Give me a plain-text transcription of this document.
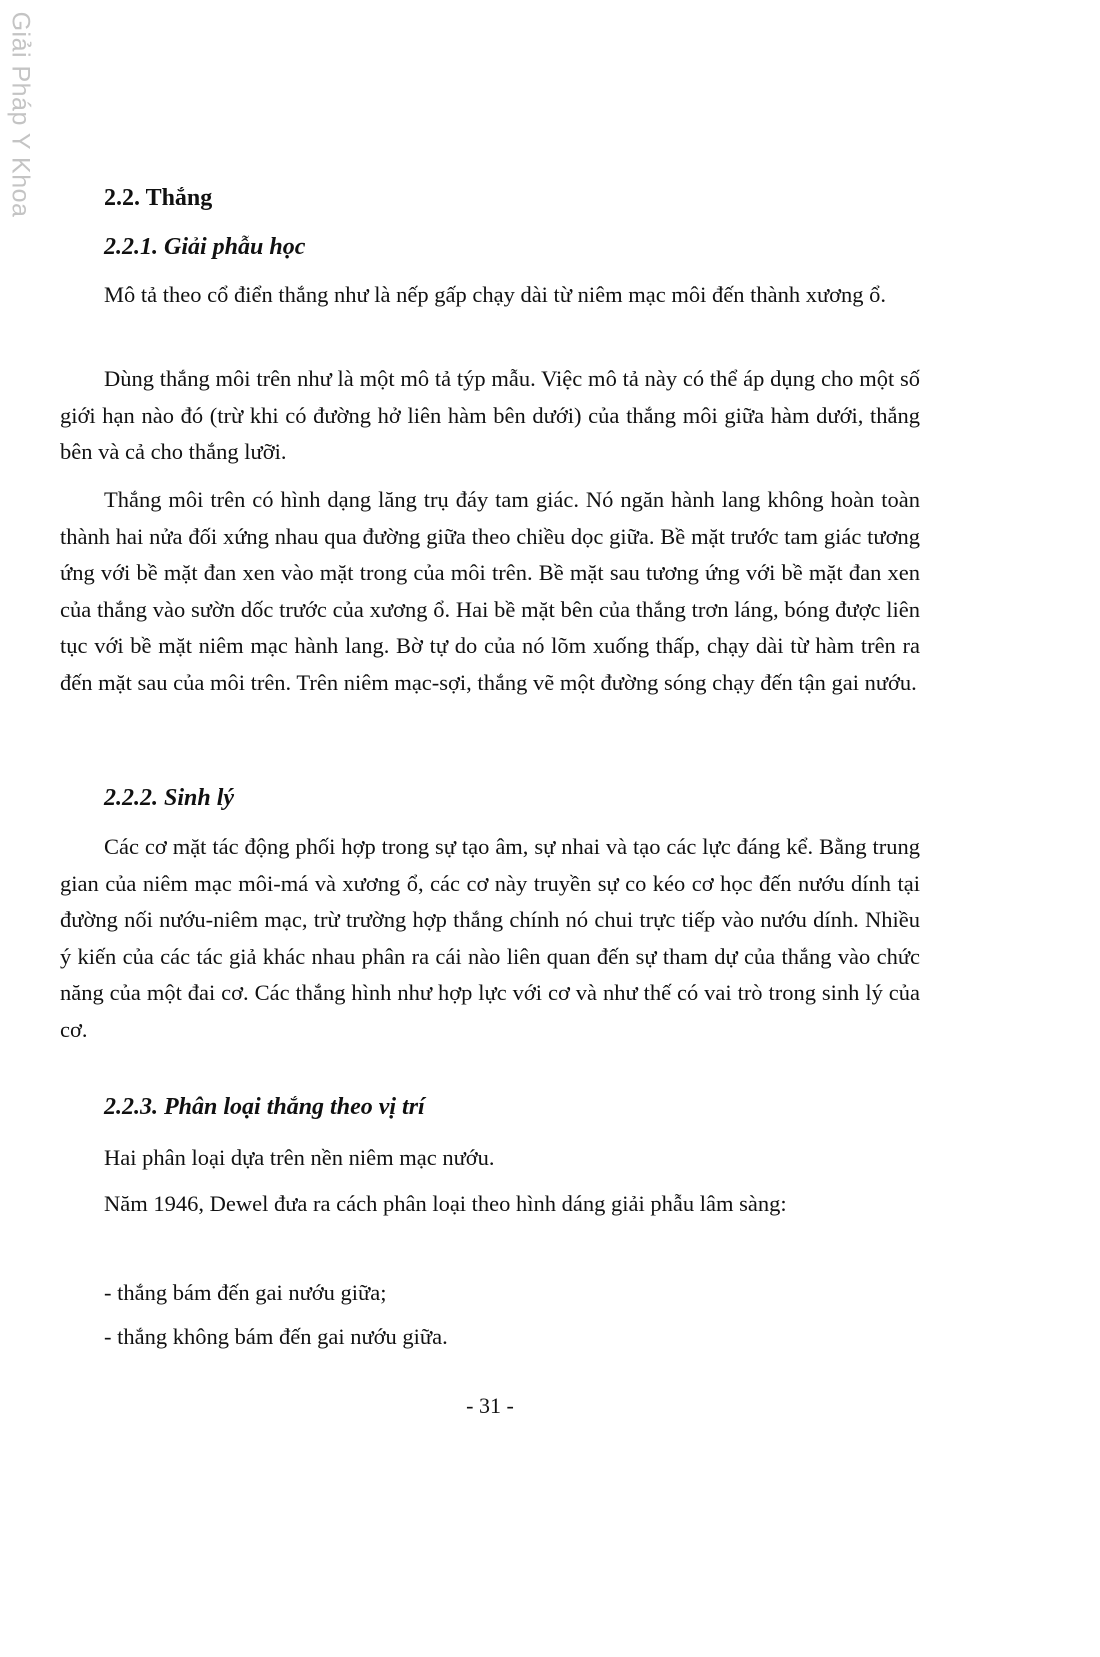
Giải Pháp Y Khoa	2.2. Thắng
2.2.1. Giải phẫu học

Mô tả theo cổ điển thắng như là nếp gấp chạy dài từ niêm mạc môi đến thành xương ổ.

Dùng thắng môi trên như là một mô tả týp mẫu. Việc mô tả này có thể áp dụng cho một số giới hạn nào đó (trừ khi có đường hở liên hàm bên dưới) của thắng môi giữa hàm dưới, thắng bên và cả cho thắng lưỡi.

Thắng môi trên có hình dạng lăng trụ đáy tam giác. Nó ngăn hành lang không hoàn toàn thành hai nửa đối xứng nhau qua đường giữa theo chiều dọc giữa. Bề mặt trước tam giác tương ứng với bề mặt đan xen vào mặt trong của môi trên. Bề mặt sau tương ứng với bề mặt đan xen của thắng vào sườn dốc trước của xương ổ. Hai bề mặt bên của thắng trơn láng, bóng được liên tục với bề mặt niêm mạc hành lang. Bờ tự do của nó lõm xuống thấp, chạy dài từ hàm trên ra đến mặt sau của môi trên. Trên niêm mạc-sợi, thắng vẽ một đường sóng chạy đến tận gai nướu.

2.2.2. Sinh lý

Các cơ mặt tác động phối hợp trong sự tạo âm, sự nhai và tạo các lực đáng kể. Bằng trung gian của niêm mạc môi-má và xương ổ, các cơ này truyền sự co kéo cơ học đến nướu dính tại đường nối nướu-niêm mạc, trừ trường hợp thắng chính nó chui trực tiếp vào nướu dính. Nhiều ý kiến của các tác giả khác nhau phân ra cái nào liên quan đến sự tham dự của thắng vào chức năng của một đai cơ. Các thắng hình như hợp lực với cơ và như thế có vai trò trong sinh lý của cơ.

2.2.3. Phân loại thắng theo vị trí

Hai phân loại dựa trên nền niêm mạc nướu.

Năm 1946, Dewel đưa ra cách phân loại theo hình dáng giải phẫu lâm sàng:

- thắng bám đến gai nướu giữa;

- thắng không bám đến gai nướu giữa.

- 31 -
